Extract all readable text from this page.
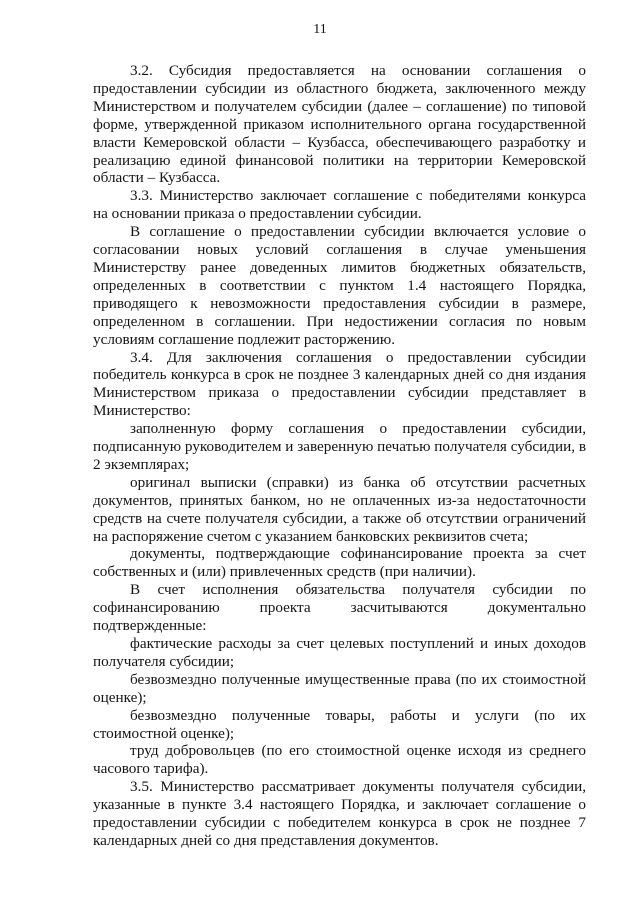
11

3.2. Субсидия предоставляется на основании соглашения о предоставлении субсидии из областного бюджета, заключенного между Министерством и получателем субсидии (далее – соглашение) по типовой форме, утвержденной приказом исполнительного органа государственной власти Кемеровской области – Кузбасса, обеспечивающего разработку и реализацию единой финансовой политики на территории Кемеровской области – Кузбасса.

3.3. Министерство заключает соглашение с победителями конкурса на основании приказа о предоставлении субсидии.

В соглашение о предоставлении субсидии включается условие о согласовании новых условий соглашения в случае уменьшения Министерству ранее доведенных лимитов бюджетных обязательств, определенных в соответствии с пунктом 1.4 настоящего Порядка, приводящего к невозможности предоставления субсидии в размере, определенном в соглашении. При недостижении согласия по новым условиям соглашение подлежит расторжению.

3.4. Для заключения соглашения о предоставлении субсидии победитель конкурса в срок не позднее 3 календарных дней со дня издания Министерством приказа о предоставлении субсидии представляет в Министерство:

заполненную форму соглашения о предоставлении субсидии, подписанную руководителем и заверенную печатью получателя субсидии, в 2 экземплярах;

оригинал выписки (справки) из банка об отсутствии расчетных документов, принятых банком, но не оплаченных из-за недостаточности средств на счете получателя субсидии, а также об отсутствии ограничений на распоряжение счетом с указанием банковских реквизитов счета;

документы, подтверждающие софинансирование проекта за счет собственных и (или) привлеченных средств (при наличии).

В счет исполнения обязательства получателя субсидии по софинансированию проекта засчитываются документально подтвержденные:

фактические расходы за счет целевых поступлений и иных доходов получателя субсидии;

безвозмездно полученные имущественные права (по их стоимостной оценке);

безвозмездно полученные товары, работы и услуги (по их стоимостной оценке);

труд добровольцев (по его стоимостной оценке исходя из среднего часового тарифа).

3.5. Министерство рассматривает документы получателя субсидии, указанные в пункте 3.4 настоящего Порядка, и заключает соглашение о предоставлении субсидии с победителем конкурса в срок не позднее 7 календарных дней со дня представления документов.
